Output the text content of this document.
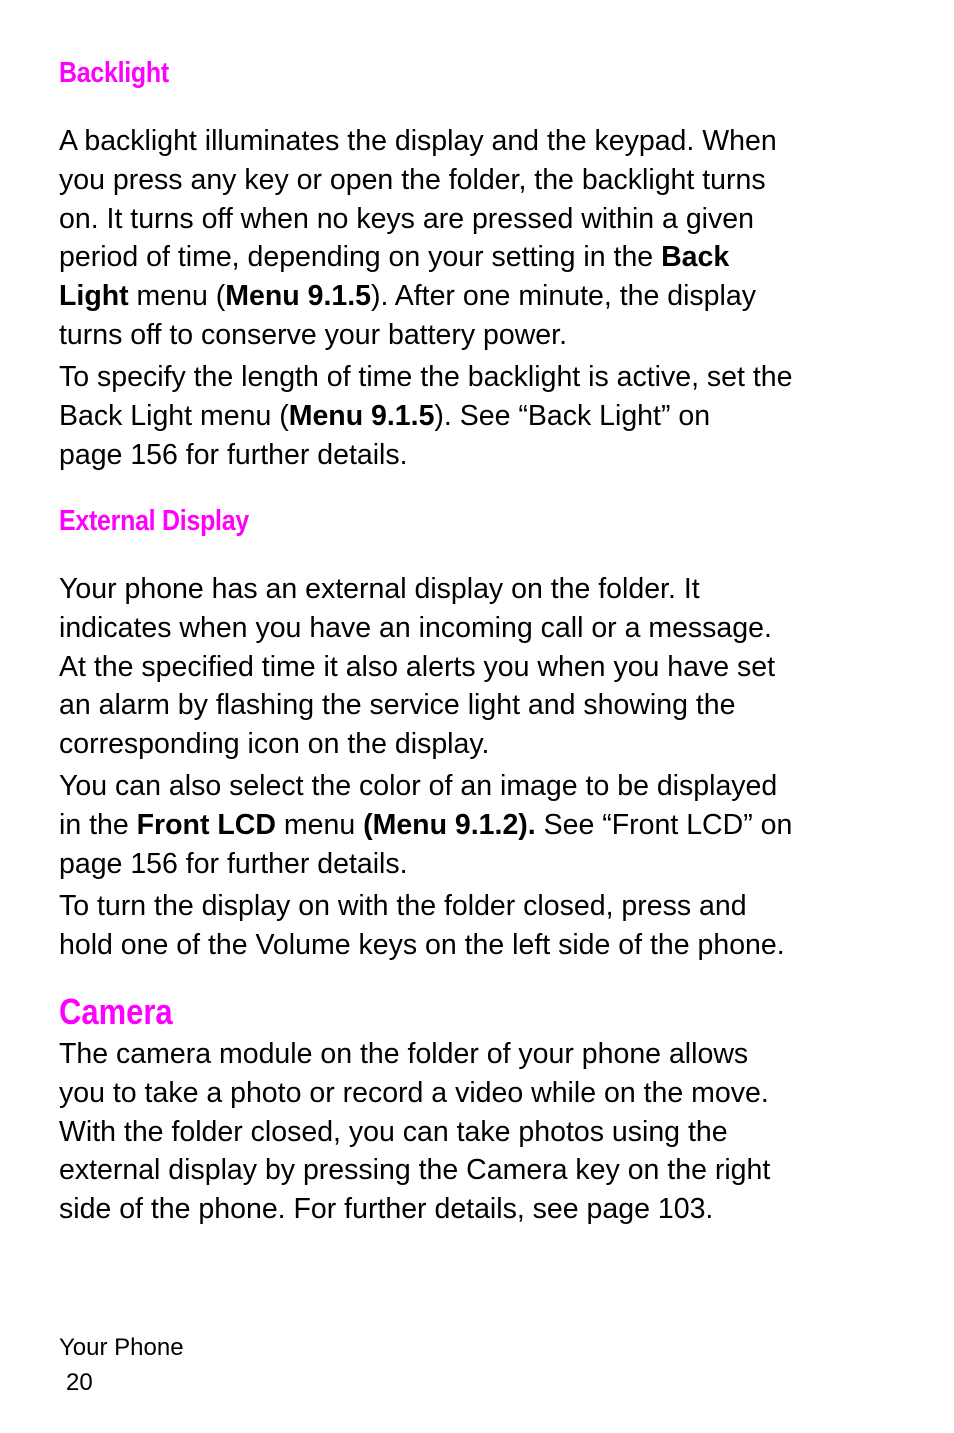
Backlight

A backlight illuminates the display and the keypad. When
you press any key or open the folder, the backlight turns
on. It turns off when no keys are pressed within a given
period of time, depending on your setting in the Back
Light menu (Menu 9.1.5). After one minute, the display
turns off to conserve your battery power.

To specify the length of time the backlight is active, set the
Back Light menu (Menu 9.1.5). See “Back Light” on
page 156 for further details.

External Display

Your phone has an external display on the folder. It
indicates when you have an incoming call or a message.
At the specified time it also alerts you when you have set
an alarm by flashing the service light and showing the
corresponding icon on the display.

You can also select the color of an image to be displayed
in the Front LCD menu (Menu 9.1.2). See “Front LCD” on
page 156 for further details.

To turn the display on with the folder closed, press and
hold one of the Volume keys on the left side of the phone.

Camera

The camera module on the folder of your phone allows
you to take a photo or record a video while on the move.
With the folder closed, you can take photos using the
external display by pressing the Camera key on the right
side of the phone. For further details, see page 103.

Your Phone

20
